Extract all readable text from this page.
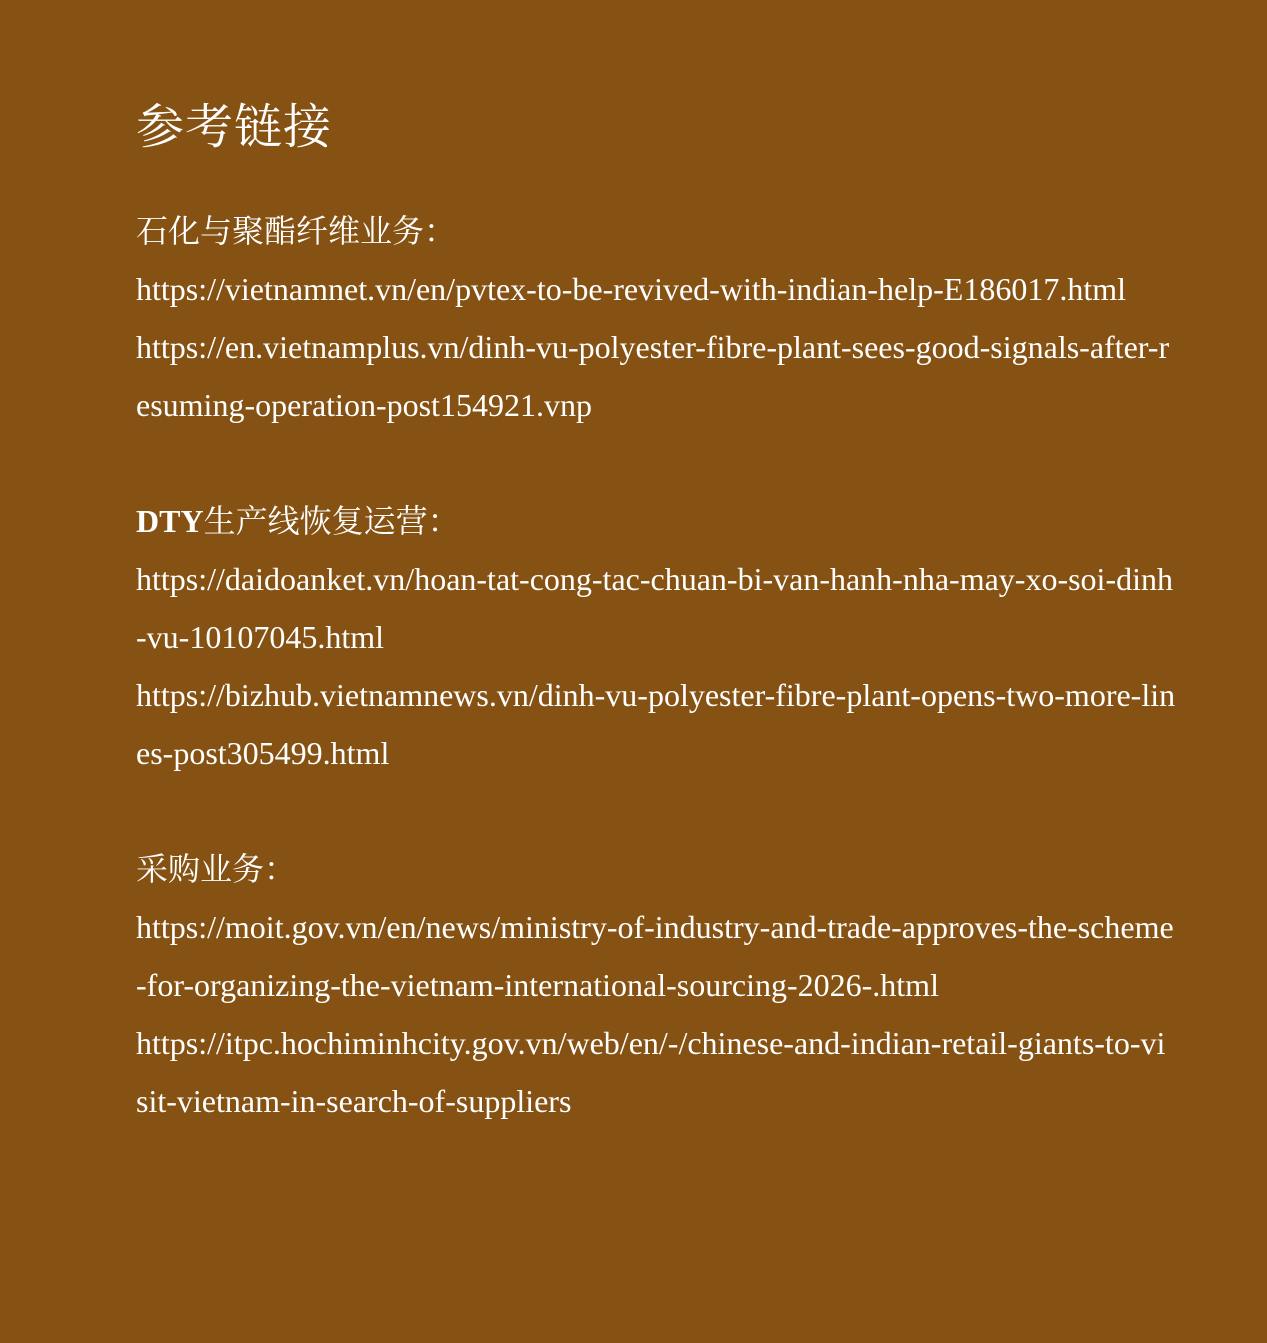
参考链接
石化与聚酯纤维业务：
https://vietnamnet.vn/en/pvtex-to-be-revived-with-indian-help-E186017.html
https://en.vietnamplus.vn/dinh-vu-polyester-fibre-plant-sees-good-signals-after-resuming-operation-post154921.vnp
DTY生产线恢复运营：
https://daidoanket.vn/hoan-tat-cong-tac-chuan-bi-van-hanh-nha-may-xo-soi-dinh-vu-10107045.html
https://bizhub.vietnamnews.vn/dinh-vu-polyester-fibre-plant-opens-two-more-lines-post305499.html
采购业务：
https://moit.gov.vn/en/news/ministry-of-industry-and-trade-approves-the-scheme-for-organizing-the-vietnam-international-sourcing-2026-.html
https://itpc.hochiminhcity.gov.vn/web/en/-/chinese-and-indian-retail-giants-to-visit-vietnam-in-search-of-suppliers
